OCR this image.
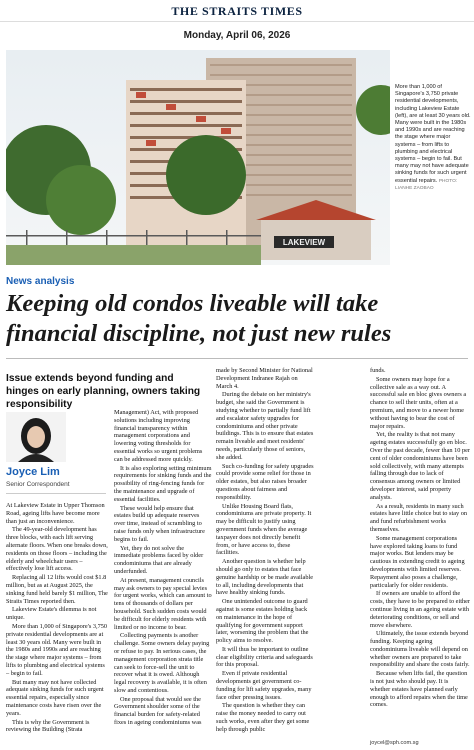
THE STRAITS TIMES
Monday, April 06, 2026
LAKEVIEW
More than 1,000 of Singapore's 3,750 private residential developments, including Lakeview Estate (left), are at least 30 years old. Many were built in the 1980s and 1990s and are reaching the stage where major systems – from lifts to plumbing and electrical systems – begin to fail. But many may not have adequate sinking funds for such urgent essential repairs. PHOTO: LIANHE ZAOBAO
News analysis
Keeping old condos liveable will take financial discipline, not just new rules
Issue extends beyond funding and hinges on early planning, owners taking responsibility
Joyce Lim
Senior Correspondent

At Lakeview Estate in Upper Thomson Road, ageing lifts have become more than just an inconvenience.

The 49-year-old development has three blocks, with each lift serving alternate floors. When one breaks down, residents on those floors – including the elderly and wheelchair users – effectively lose lift access.

Replacing all 12 lifts would cost $1.8 million, but as at August 2025, the sinking fund held barely $1 million, The Straits Times reported then.

Lakeview Estate's dilemma is not unique.

More than 1,000 of Singapore's 3,750 private residential developments are at least 30 years old. Many were built in the 1980s and 1990s and are reaching the stage where major systems – from lifts to plumbing and electrical systems – begin to fail.

But many may not have collected adequate sinking funds for such urgent essential repairs, especially since maintenance costs have risen over the years.

This is why the Government is reviewing the Building (Strata

Management) Act, with proposed solutions including improving financial transparency within management corporations and lowering voting thresholds for essential works so urgent problems can be addressed more quickly.

It is also exploring setting minimum requirements for sinking funds and the possibility of ring-fencing funds for the maintenance and upgrade of essential facilities.

These would help ensure that estates build up adequate reserves over time, instead of scrambling to raise funds only when infrastructure begins to fail.

Yet, they do not solve the immediate problems faced by older condominiums that are already underfunded.

At present, management councils may ask owners to pay special levies for urgent works, which can amount to tens of thousands of dollars per household. Such sudden costs would be difficult for elderly residents with limited or no income to bear.

Collecting payments is another challenge. Some owners delay paying or refuse to pay. In serious cases, the management corporation strata title can seek to force-sell the unit to recover what it is owed. Although legal recovery is available, it is often slow and contentious.

One proposal that would see the Government shoulder some of the financial burden for safety-related fixes in ageing condominiums was

made by Second Minister for National Development Indranee Rajah on March 4.

During the debate on her ministry's budget, she said the Government is studying whether to partially fund lift and escalator safety upgrades for condominiums and other private buildings. This is to ensure that estates remain liveable and meet residents' needs, particularly those of seniors, she added.

Such co-funding for safety upgrades could provide some relief for those in older estates, but also raises broader questions about fairness and responsibility.

Unlike Housing Board flats, condominiums are private property. It may be difficult to justify using government funds when the average taxpayer does not directly benefit from, or have access to, these facilities.

Another question is whether help should go only to estates that face genuine hardship or be made available to all, including developments that have healthy sinking funds.

One unintended outcome to guard against is some estates holding back on maintenance in the hope of qualifying for government support later, worsening the problem that the policy aims to resolve.

It will thus be important to outline clear eligibility criteria and safeguards for this proposal.

Even if private residential developments get government co-funding for lift safety upgrades, many face other pressing issues.

The question is whether they can raise the money needed to carry out such works, even after they get some help through public

funds.

Some owners may hope for a collective sale as a way out. A successful sale en bloc gives owners a chance to sell their units, often at a premium, and move to a newer home without having to bear the cost of major repairs.

Yet, the reality is that not many ageing estates successfully go en bloc. Over the past decade, fewer than 10 per cent of older condominiums have been sold collectively, with many attempts falling through due to lack of consensus among owners or limited developer interest, said property analysts.

As a result, residents in many such estates have little choice but to stay on and fund refurbishment works themselves.

Some management corporations have explored taking loans to fund major works. But lenders may be cautious in extending credit to ageing developments with limited reserves. Repayment also poses a challenge, particularly for older residents.

If owners are unable to afford the costs, they have to be prepared to either continue living in an ageing estate with deteriorating conditions, or sell and move elsewhere.

Ultimately, the issue extends beyond funding. Keeping ageing condominiums liveable will depend on whether owners are prepared to take responsibility and share the costs fairly.

Because when lifts fail, the question is not just who should pay. It is whether estates have planned early enough to afford repairs when the time comes.

joycel@sph.com.sg
